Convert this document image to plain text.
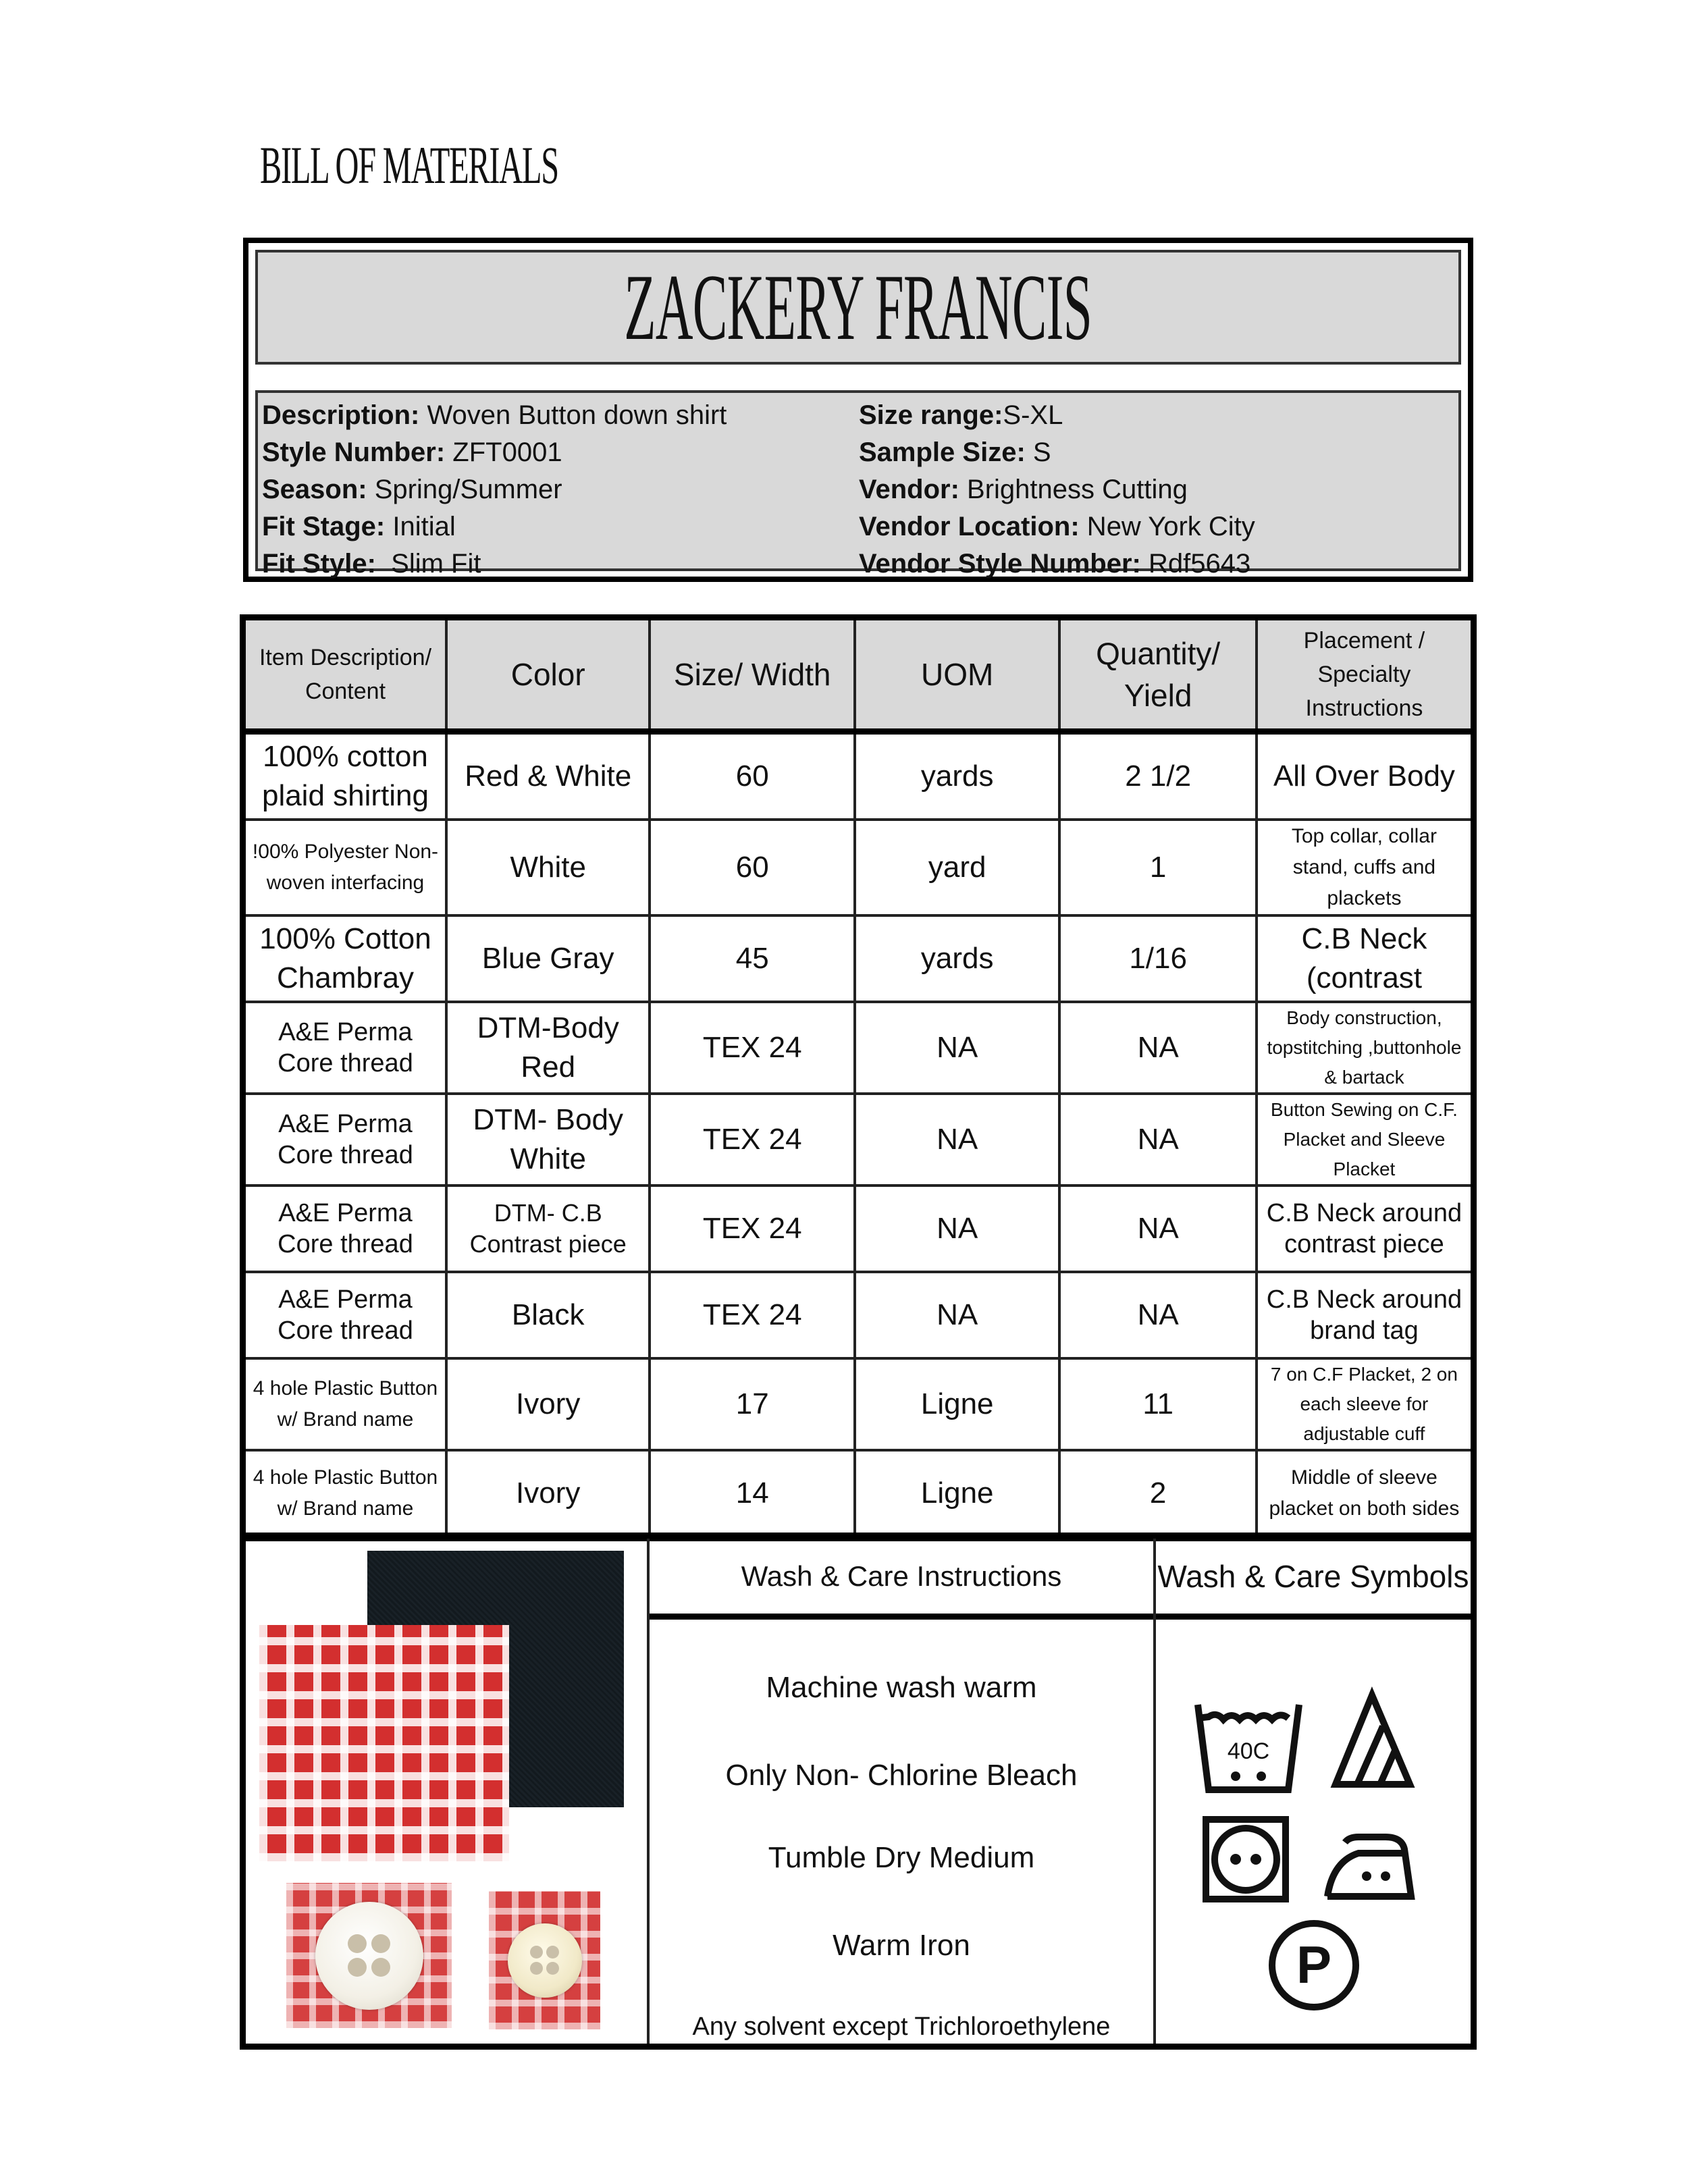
BILL OF MATERIALS
ZACKERY FRANCIS
Description: Woven Button down shirt
Style Number: ZFT0001
Season: Spring/Summer
Fit Stage: Initial
Fit Style:  Slim Fit
Size range:S-XL
Sample Size: S
Vendor: Brightness Cutting
Vendor Location: New York City
Vendor Style Number: Rdf5643
Item Description/ Content	Color	Size/ Width	UOM	Quantity/ Yield	Placement / Specialty Instructions
100% cotton plaid shirting	Red & White	60	yards	2 1/2	All Over Body
!00% Polyester Non-woven interfacing	White	60	yard	1	Top collar, collar stand, cuffs and plackets
100% Cotton Chambray	Blue Gray	45	yards	1/16	C.B Neck (contrast
A&E Perma Core thread	DTM-Body Red	TEX 24	NA	NA	Body construction, topstitching ,buttonhole & bartack
A&E Perma Core thread	DTM- Body White	TEX 24	NA	NA	Button Sewing on C.F. Placket and Sleeve Placket
A&E Perma Core thread	DTM- C.B Contrast piece	TEX 24	NA	NA	C.B Neck around contrast piece
A&E Perma Core thread	Black	TEX 24	NA	NA	C.B Neck around brand tag
4 hole Plastic Button w/ Brand name	Ivory	17	Ligne	11	7 on C.F Placket, 2 on each sleeve for adjustable cuff
4 hole Plastic Button w/ Brand name	Ivory	14	Ligne	2	Middle of sleeve placket on both sides
Wash & Care Instructions
Machine wash warm
Only Non- Chlorine Bleach
Tumble Dry Medium
Warm Iron
Any solvent except Trichloroethylene
Wash & Care Symbols
40C
P
